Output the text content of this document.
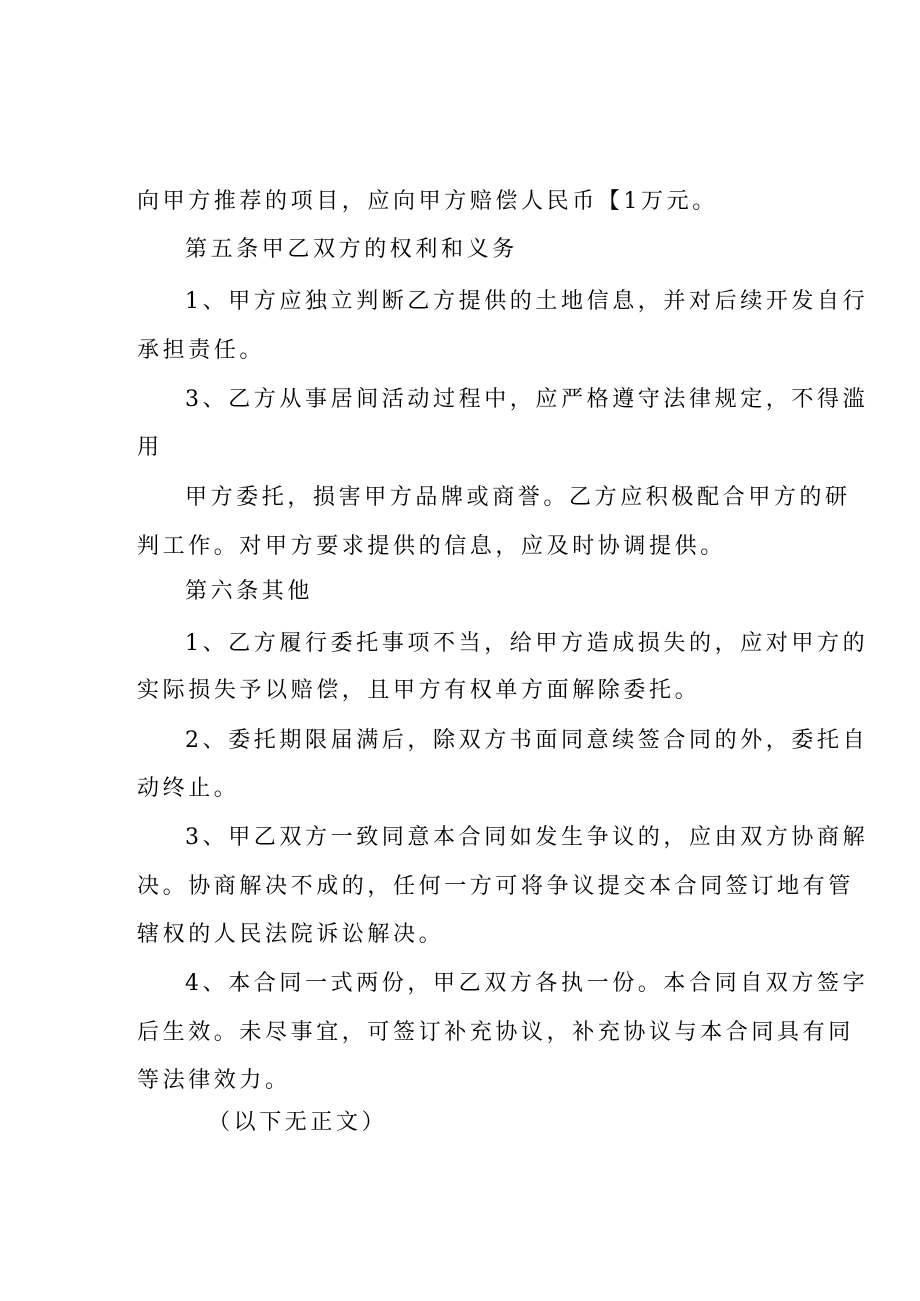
向甲方推荐的项目，应向甲方赔偿人民币【1万元。
第五条甲乙双方的权利和义务
1、甲方应独立判断乙方提供的土地信息，并对后续开发自行
承担责任。
3、乙方从事居间活动过程中，应严格遵守法律规定，不得滥
用
甲方委托，损害甲方品牌或商誉。乙方应积极配合甲方的研
判工作。对甲方要求提供的信息，应及时协调提供。
第六条其他
1、乙方履行委托事项不当，给甲方造成损失的，应对甲方的
实际损失予以赔偿，且甲方有权单方面解除委托。
2、委托期限届满后，除双方书面同意续签合同的外，委托自
动终止。
3、甲乙双方一致同意本合同如发生争议的，应由双方协商解
决。协商解决不成的，任何一方可将争议提交本合同签订地有管
辖权的人民法院诉讼解决。
4、本合同一式两份，甲乙双方各执一份。本合同自双方签字
后生效。未尽事宜，可签订补充协议，补充协议与本合同具有同
等法律效力。
（以下无正文）
